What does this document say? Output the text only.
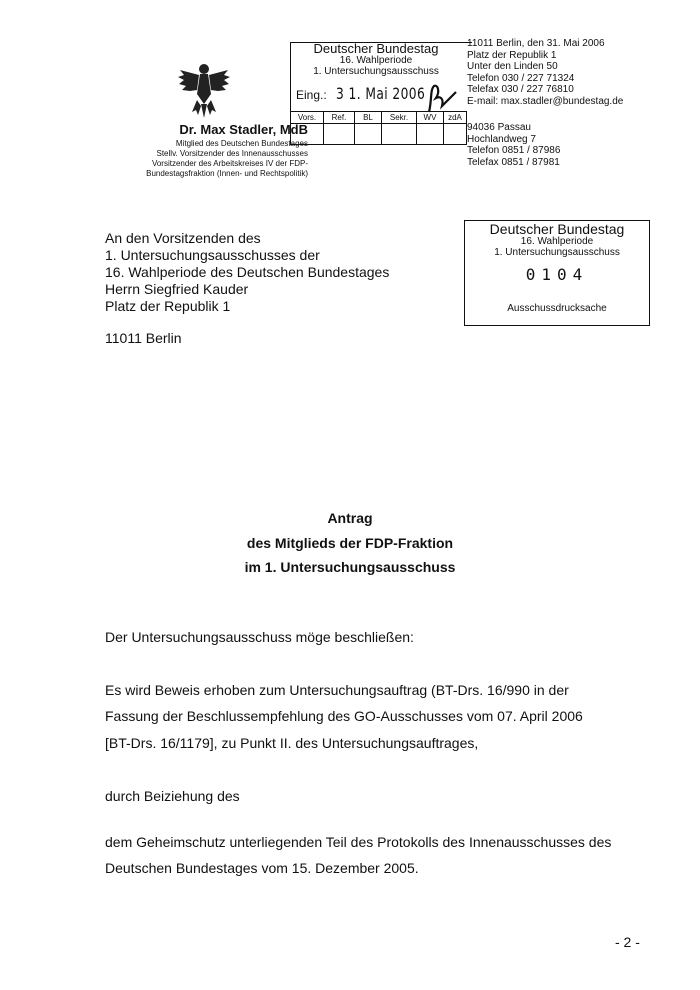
Dr. Max Stadler, MdB
Mitglied des Deutschen Bundestages
Stellv. Vorsitzender des Innenausschusses
Vorsitzender des Arbeitskreises IV der FDP-
Bundestagsfraktion (Innen- und Rechtspolitik)
Deutscher Bundestag
16. Wahlperiode
1. Untersuchungsausschuss
Eing.: 3 1. Mai 2006
Vors.	Ref.	BL	Sekr.	WV	zdA

11011 Berlin, den 31. Mai 2006
Platz der Republik 1
Unter den Linden 50
Telefon 030 / 227 71324
Telefax 030 / 227 76810
E-mail: max.stadler@bundestag.de
94036 Passau
Hochlandweg 7
Telefon 0851 / 87986
Telefax 0851 / 87981
Deutscher Bundestag
16. Wahlperiode
1. Untersuchungsausschuss
0104
Ausschussdrucksache
An den Vorsitzenden des
1. Untersuchungsausschusses der
16. Wahlperiode des Deutschen Bundestages
Herrn Siegfried Kauder
Platz der Republik 1
11011 Berlin
Antrag
des Mitglieds der FDP-Fraktion
im 1. Untersuchungsausschuss
Der Untersuchungsausschuss möge beschließen:
Es wird Beweis erhoben zum Untersuchungsauftrag (BT-Drs. 16/990 in der
Fassung der Beschlussempfehlung des GO-Ausschusses vom 07. April 2006
[BT-Drs. 16/1179], zu Punkt II. des Untersuchungsauftrages,
durch Beiziehung des
dem Geheimschutz unterliegenden Teil des Protokolls des Innenausschusses des
Deutschen Bundestages vom 15. Dezember 2005.
- 2 -
